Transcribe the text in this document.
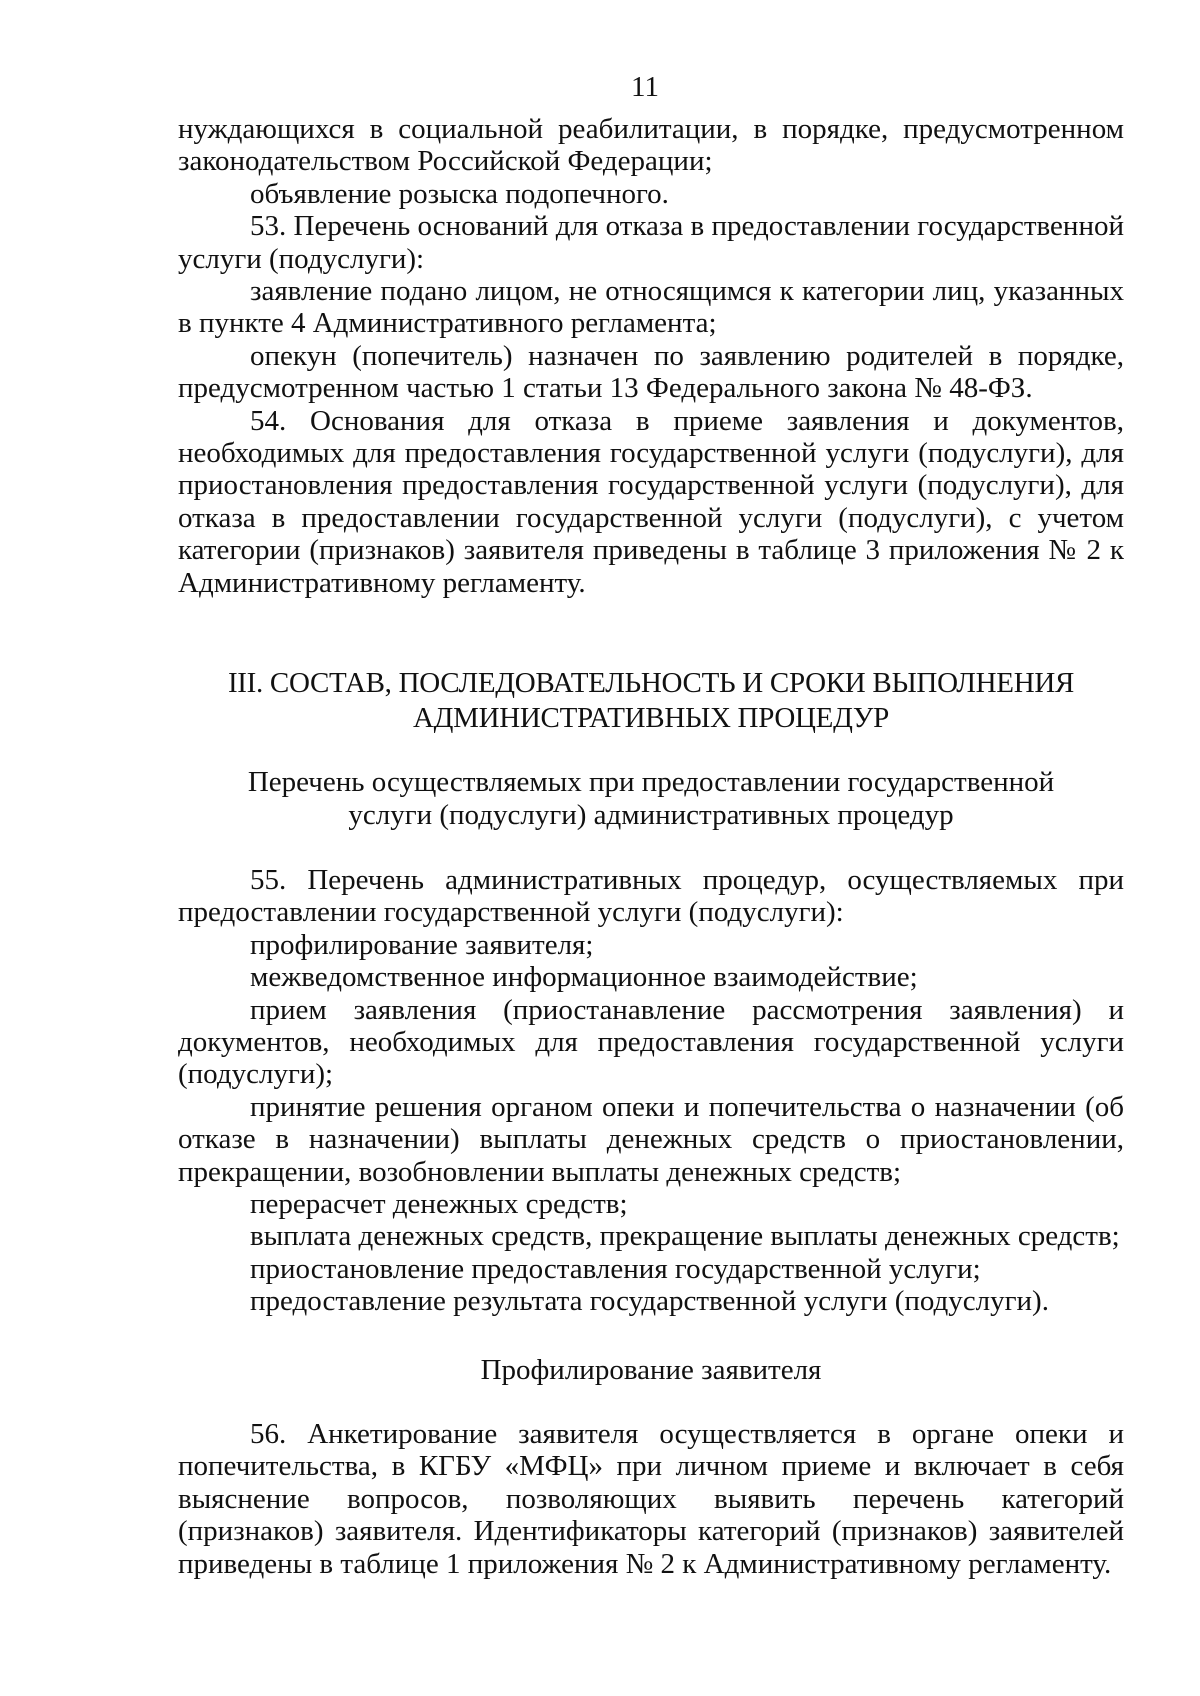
11

нуждающихся в социальной реабилитации, в порядке, предусмотренном законодательством Российской Федерации;

объявление розыска подопечного.

53. Перечень оснований для отказа в предоставлении государственной услуги (подуслуги):

заявление подано лицом, не относящимся к категории лиц, указанных в пункте 4 Административного регламента;

опекун (попечитель) назначен по заявлению родителей в порядке, предусмотренном частью 1 статьи 13 Федерального закона № 48-ФЗ.

54. Основания для отказа в приеме заявления и документов, необходимых для предоставления государственной услуги (подуслуги), для приостановления предоставления государственной услуги (подуслуги), для отказа в предоставлении государственной услуги (подуслуги), с учетом категории (признаков) заявителя приведены в таблице 3 приложения № 2 к Административному регламенту.

III. СОСТАВ, ПОСЛЕДОВАТЕЛЬНОСТЬ И СРОКИ ВЫПОЛНЕНИЯ
АДМИНИСТРАТИВНЫХ ПРОЦЕДУР
Перечень осуществляемых при предоставлении государственной
услуги (подуслуги) административных процедур

55. Перечень административных процедур, осуществляемых при предоставлении государственной услуги (подуслуги):

профилирование заявителя;

межведомственное информационное взаимодействие;

прием заявления (приостанавление рассмотрения заявления) и документов, необходимых для предоставления государственной услуги (подуслуги);

принятие решения органом опеки и попечительства о назначении (об отказе в назначении) выплаты денежных средств о приостановлении, прекращении, возобновлении выплаты денежных средств;

перерасчет денежных средств;

выплата денежных средств, прекращение выплаты денежных средств;

приостановление предоставления государственной услуги;

предоставление результата государственной услуги (подуслуги).

Профилирование заявителя

56. Анкетирование заявителя осуществляется в органе опеки и попечительства, в КГБУ «МФЦ» при личном приеме и включает в себя выяснение вопросов, позволяющих выявить перечень категорий (признаков) заявителя. Идентификаторы категорий (признаков) заявителей приведены в таблице 1 приложения № 2 к Административному регламенту.
